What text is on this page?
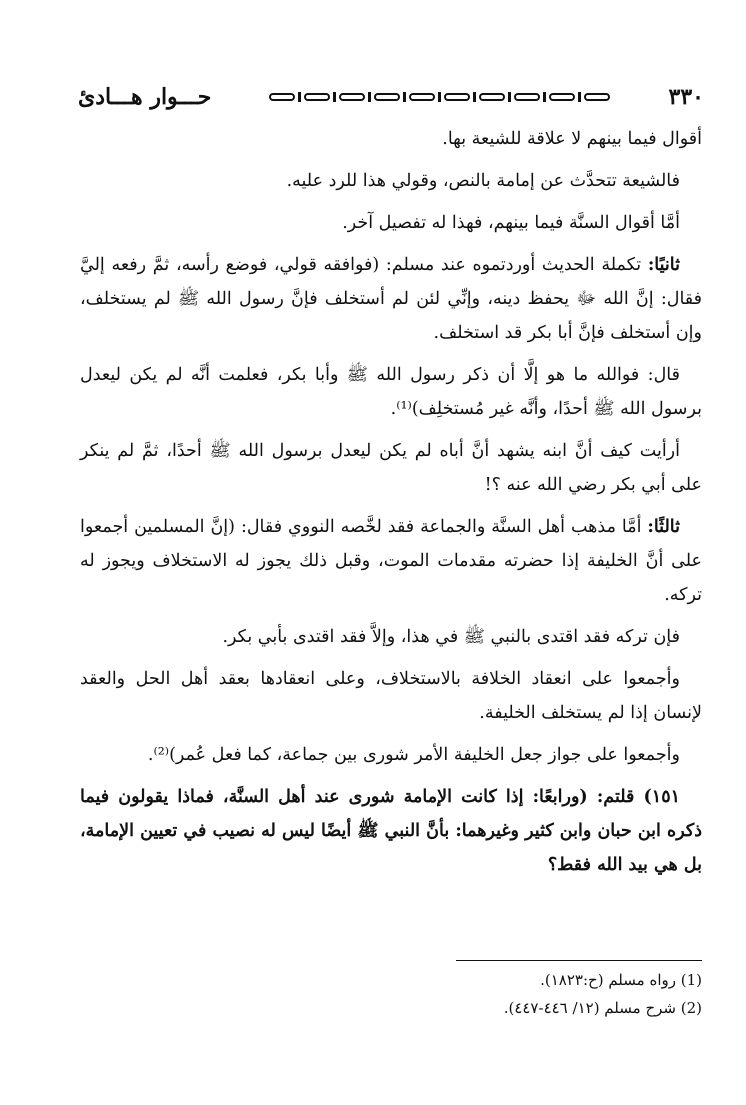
٣٣٠
حـــوار هـــادئ

أقوال فيما بينهم لا علاقة للشيعة بها.

فالشيعة تتحدَّث عن إمامة بالنص، وقولي هذا للرد عليه.

أمَّا أقوال السنَّة فيما بينهم، فهذا له تفصيل آخر.

ثانيًا: تكملة الحديث أوردتموه عند مسلم: (فوافقه قولي، فوضع رأسه، ثمَّ رفعه إليَّ فقال: إنَّ الله ﷻ يحفظ دينه، وإنِّي لئن لم أستخلف فإنَّ رسول الله ﷺ لم يستخلف، وإن أستخلف فإنَّ أبا بكر قد استخلف.

قال: فوالله ما هو إلَّا أن ذكر رسول الله ﷺ وأبا بكر، فعلمت أنَّه لم يكن ليعدل برسول الله ﷺ أحدًا، وأنَّه غير مُستخلِف)⁽¹⁾.

أرأيت كيف أنَّ ابنه يشهد أنَّ أباه لم يكن ليعدل برسول الله ﷺ أحدًا، ثمَّ لم ينكر على أبي بكر رضي الله عنه ؟!

ثالثًا: أمَّا مذهب أهل السنَّة والجماعة فقد لخَّصه النووي فقال: (إنَّ المسلمين أجمعوا على أنَّ الخليفة إذا حضرته مقدمات الموت، وقبل ذلك يجوز له الاستخلاف ويجوز له تركه.

فإن تركه فقد اقتدى بالنبي ﷺ في هذا، وإلاَّ فقد اقتدى بأبي بكر.

وأجمعوا على انعقاد الخلافة بالاستخلاف، وعلى انعقادها بعقد أهل الحل والعقد لإنسان إذا لم يستخلف الخليفة.

وأجمعوا على جواز جعل الخليفة الأمر شورى بين جماعة، كما فعل عُمر)⁽²⁾.

١٥١) قلتم: (ورابعًا: إذا كانت الإمامة شورى عند أهل السنَّة، فماذا يقولون فيما ذكره ابن حبان وابن كثير وغيرهما: بأنَّ النبي ﷺ أيضًا ليس له نصيب في تعيين الإمامة، بل هي بيد الله فقط؟

(1) رواه مسلم (ح:١٨٢٣).

(2) شرح مسلم (١٢/ ٤٤٦-٤٤٧).
